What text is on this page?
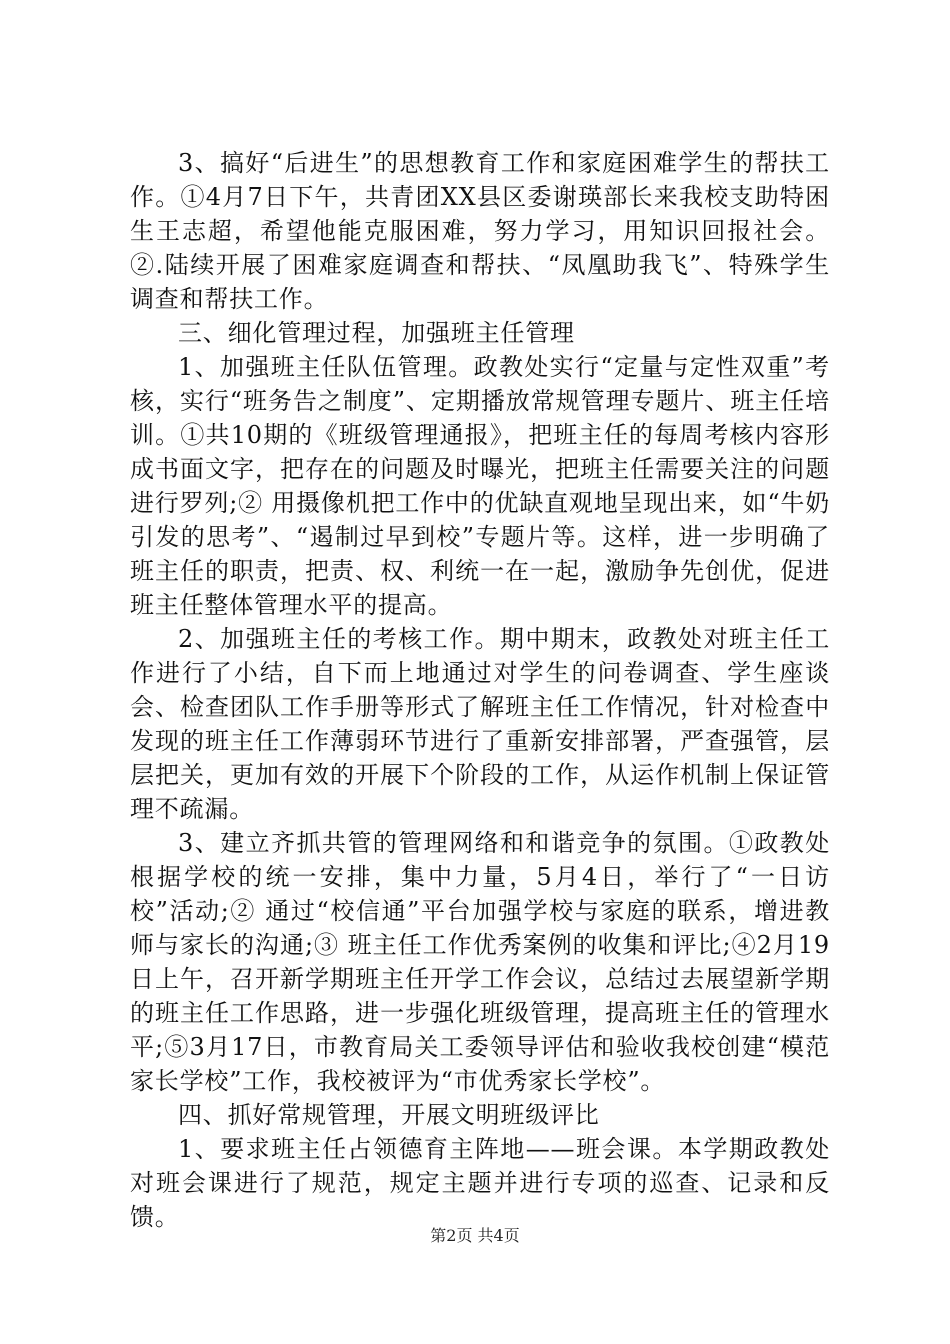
3、搞好“后进生”的思想教育工作和家庭困难学生的帮扶工作。①4月7日下午，共青团XX县区委谢瑛部长来我校支助特困生王志超，希望他能克服困难，努力学习，用知识回报社会。②.陆续开展了困难家庭调查和帮扶、“凤凰助我飞”、特殊学生调查和帮扶工作。

三、细化管理过程，加强班主任管理

1、加强班主任队伍管理。政教处实行“定量与定性双重”考核，实行“班务告之制度”、定期播放常规管理专题片、班主任培训。①共10期的《班级管理通报》，把班主任的每周考核内容形成书面文字，把存在的问题及时曝光，把班主任需要关注的问题进行罗列;② 用摄像机把工作中的优缺直观地呈现出来，如“牛奶引发的思考”、“遏制过早到校”专题片等。这样，进一步明确了班主任的职责，把责、权、利统一在一起，激励争先创优，促进班主任整体管理水平的提高。

2、加强班主任的考核工作。期中期末，政教处对班主任工作进行了小结，自下而上地通过对学生的问卷调查、学生座谈会、检查团队工作手册等形式了解班主任工作情况，针对检查中发现的班主任工作薄弱环节进行了重新安排部署，严查强管，层层把关，更加有效的开展下个阶段的工作，从运作机制上保证管理不疏漏。

3、建立齐抓共管的管理网络和和谐竞争的氛围。①政教处根据学校的统一安排，集中力量，5月4日，举行了“一日访校”活动;② 通过“校信通”平台加强学校与家庭的联系，增进教师与家长的沟通;③ 班主任工作优秀案例的收集和评比;④2月19日上午，召开新学期班主任开学工作会议，总结过去展望新学期的班主任工作思路，进一步强化班级管理，提高班主任的管理水平;⑤3月17日，市教育局关工委领导评估和验收我校创建“模范家长学校”工作，我校被评为“市优秀家长学校”。

四、抓好常规管理，开展文明班级评比

1、要求班主任占领德育主阵地——班会课。本学期政教处对班会课进行了规范，规定主题并进行专项的巡查、记录和反馈。

第2页 共4页
